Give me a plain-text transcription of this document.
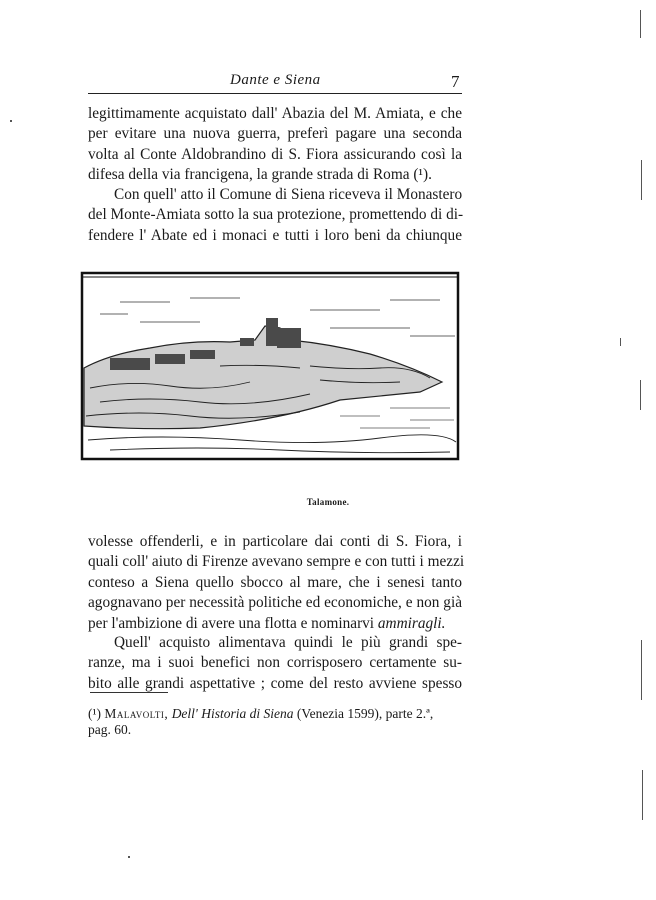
Dante e Siena	7
legittimamente acquistato dall' Abazia del M. Amiata, e che
per evitare una nuova guerra, preferì pagare una seconda
volta al Conte Aldobrandino di S. Fiora assicurando così la
difesa della via francigena, la grande strada di Roma (¹).
Con quell' atto il Comune di Siena riceveva il Monastero
del Monte-Amiata sotto la sua protezione, promettendo di di-
fendere l' Abate ed i monaci e tutti i loro beni da chiunque
Talamone.
volesse offenderli, e in particolare dai conti di S. Fiora, i
quali coll' aiuto di Firenze avevano sempre e con tutti i mezzi
conteso a Siena quello sbocco al mare, che i senesi tanto
agognavano per necessità politiche ed economiche, e non già
per l'ambizione di avere una flotta e nominarvi ammiragli.
Quell' acquisto alimentava quindi le più grandi spe-
ranze, ma i suoi benefici non corrisposero certamente su-
bito alle grandi aspettative ; come del resto avviene spesso
(¹) Malavolti, Dell' Historia di Siena (Venezia 1599), parte 2.ª,
pag. 60.
